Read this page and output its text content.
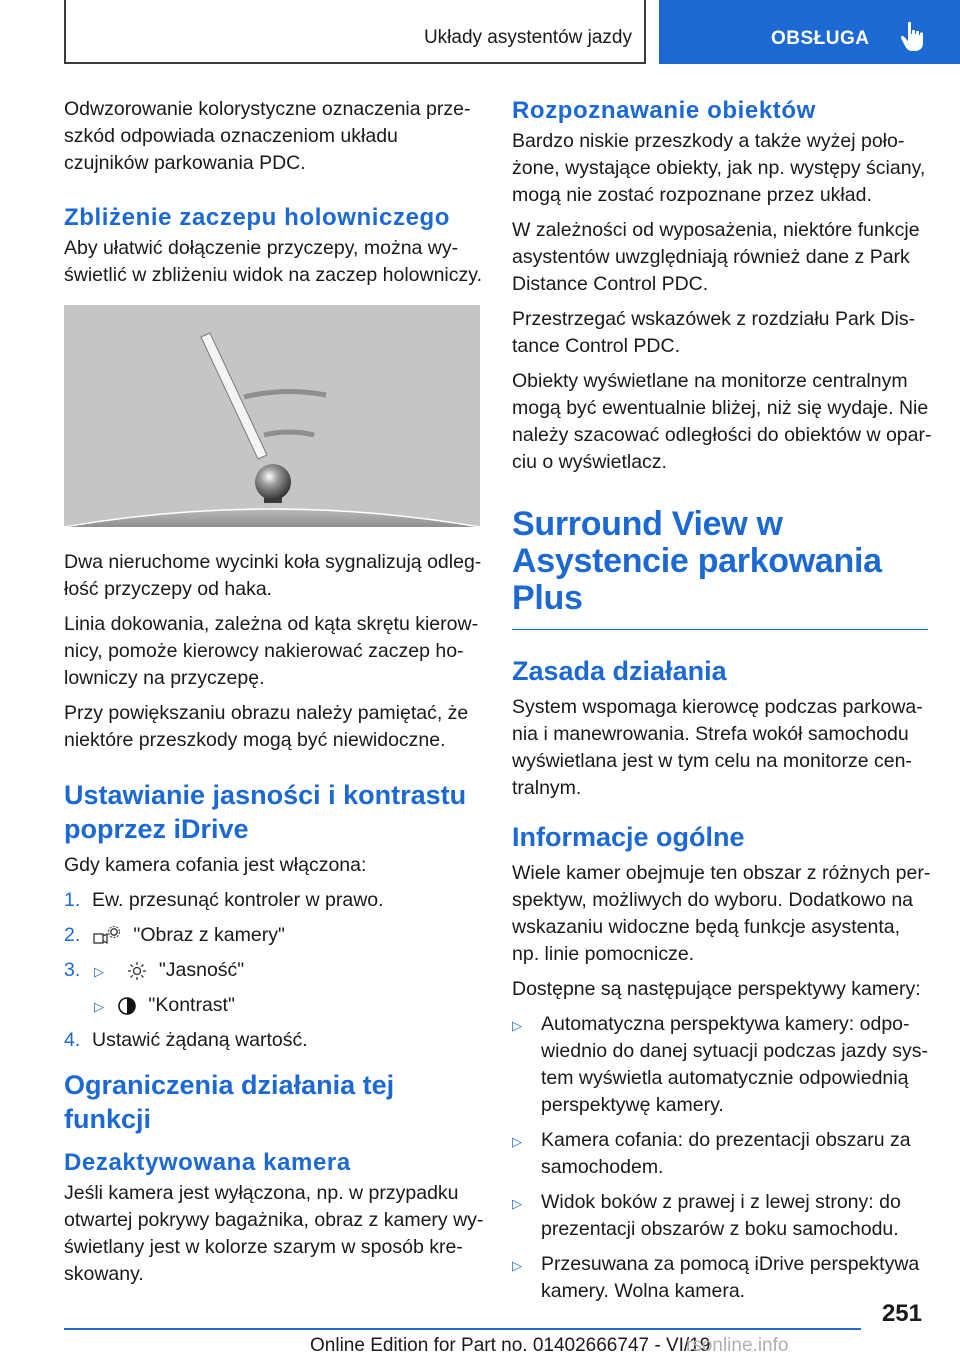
Układy asystentów jazdy	OBSŁUGA

Odwzorowanie kolorystyczne oznaczenia przeszkód odpowiada oznaczeniom układu czujników parkowania PDC.

Zbliżenie zaczepu holowniczego

Aby ułatwić dołączenie przyczepy, można wyświetlić w zbliżeniu widok na zaczep holowniczy.

Dwa nieruchome wycinki koła sygnalizują odległość przyczepy od haka.

Linia dokowania, zależna od kąta skrętu kierownicy, pomoże kierowcy nakierować zaczep holowniczy na przyczepę.

Przy powiększaniu obrazu należy pamiętać, że niektóre przeszkody mogą być niewidoczne.

Ustawianie jasności i kontrastu poprzez iDrive

Gdy kamera cofania jest włączona:

1. Ew. przesunąć kontroler w prawo.
2.	"Obraz z kamery"
3. ▷	"Jasność"
▷ "Kontrast"
4. Ustawić żądaną wartość.
Ograniczenia działania tej funkcji
Dezaktywowana kamera

Jeśli kamera jest wyłączona, np. w przypadku otwartej pokrywy bagażnika, obraz z kamery wyświetlany jest w kolorze szarym w sposób kreskowany.

Rozpoznawanie obiektów

Bardzo niskie przeszkody a także wyżej położone, wystające obiekty, jak np. występy ściany, mogą nie zostać rozpoznane przez układ.

W zależności od wyposażenia, niektóre funkcje asystentów uwzględniają również dane z Park Distance Control PDC.

Przestrzegać wskazówek z rozdziału Park Distance Control PDC.

Obiekty wyświetlane na monitorze centralnym mogą być ewentualnie bliżej, niż się wydaje. Nie należy szacować odległości do obiektów w oparciu o wyświetlacz.

Surround View w Asystencie parkowania Plus
Zasada działania

System wspomaga kierowcę podczas parkowania i manewrowania. Strefa wokół samochodu wyświetlana jest w tym celu na monitorze centralnym.

Informacje ogólne

Wiele kamer obejmuje ten obszar z różnych perspektyw, możliwych do wyboru. Dodatkowo na wskazaniu widoczne będą funkcje asystenta, np. linie pomocnicze.

Dostępne są następujące perspektywy kamery:

▷ Automatyczna perspektywa kamery: odpowiednio do danej sytuacji podczas jazdy system wyświetla automatycznie odpowiednią perspektywę kamery.
▷ Kamera cofania: do prezentacji obszaru za samochodem.
▷ Widok boków z prawej i z lewej strony: do prezentacji obszarów z boku samochodu.
▷ Przesuwana za pomocą iDrive perspektywa kamery. Wolna kamera.
251
Online Edition for Part no. 01402666747 - VI/19
rsonline.info
